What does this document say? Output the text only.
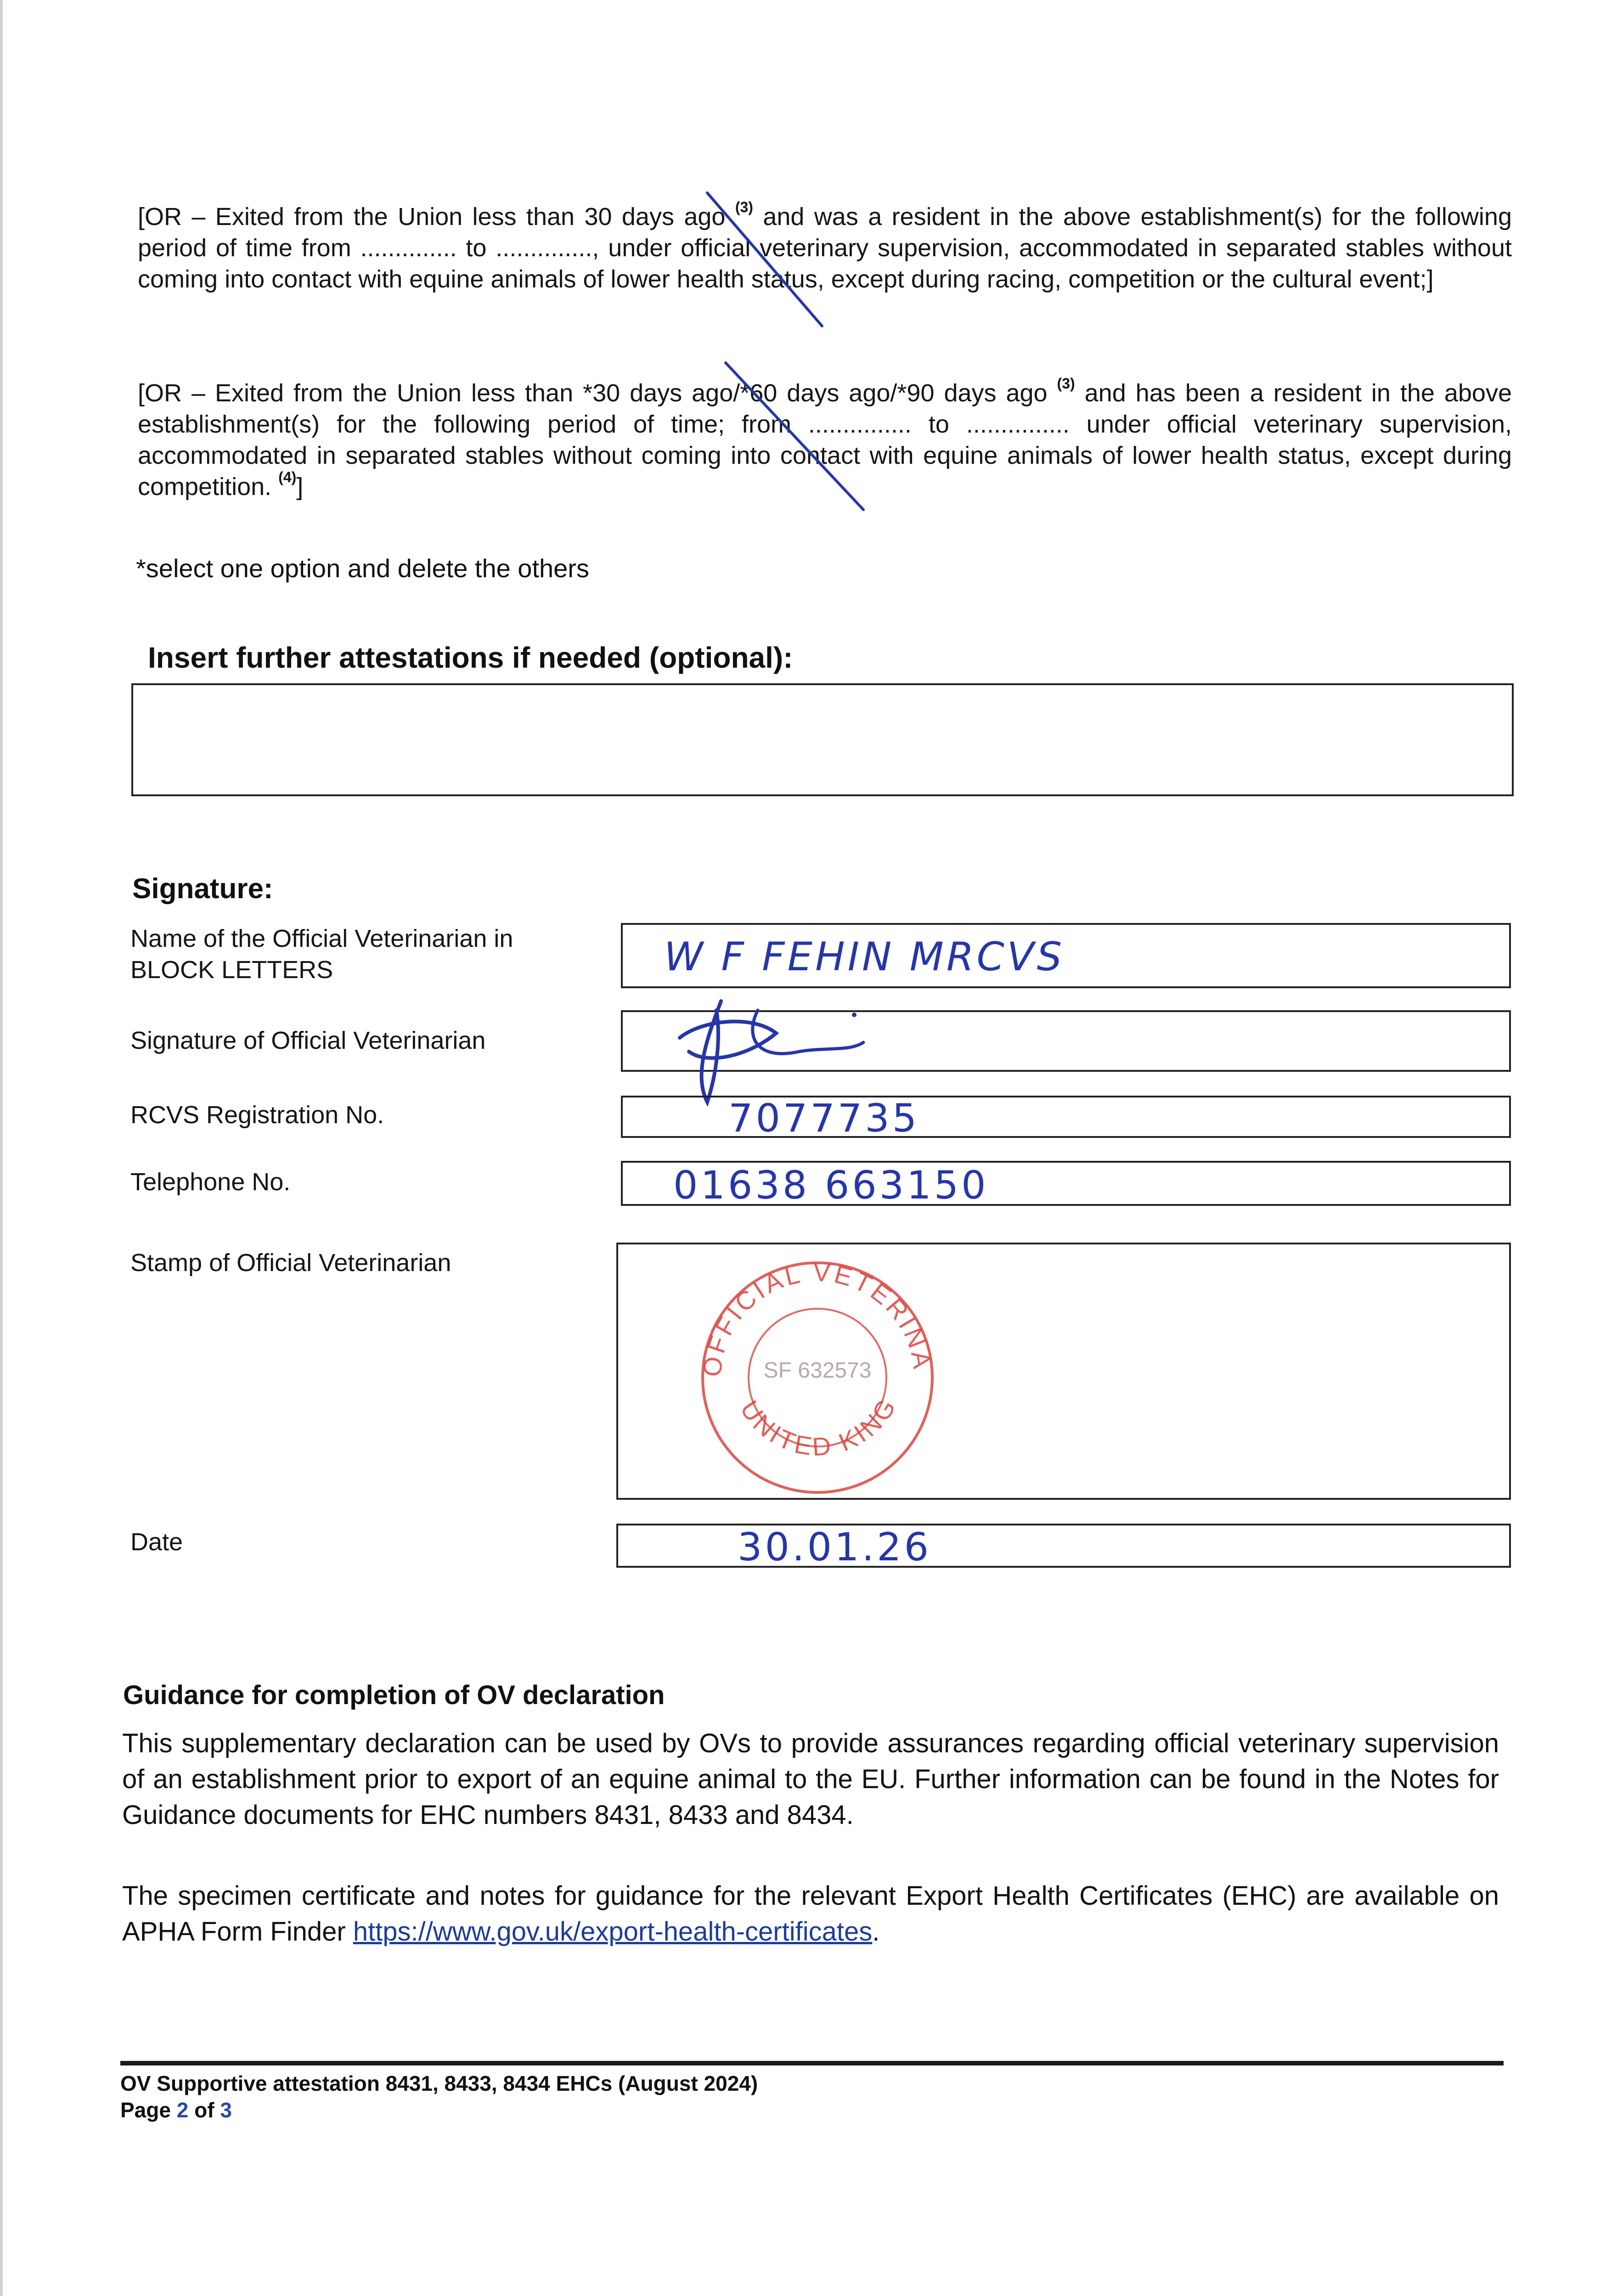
[OR – Exited from the Union less than 30 days ago $^{(3)}$ and was a resident in the above establishment(s) for the following period of time from .............. to .............., under official veterinary supervision, accommodated in separated stables without coming into contact with equine animals of lower health status, except during racing, competition or the cultural event;]
[OR – Exited from the Union less than *30 days ago/*60 days ago/*90 days ago $^{(3)}$ and has been a resident in the above establishment(s) for the following period of time; from ............... to ............... under official veterinary supervision, accommodated in separated stables without coming into contact with equine animals of lower health status, except during competition. $^{(4)}$]
*select one option and delete the others
Insert further attestations if needed (optional):
Signature:
Name of the Official Veterinarian in BLOCK LETTERS	W F FEHIN MRCVS
Signature of Official Veterinarian
RCVS Registration No.	7077735
Telephone No.	01638 663150
Stamp of Official Veterinarian
OFFICIAL VETERINA
UNITED KING
SF 632573
Date	30.01.26
Guidance for completion of OV declaration
This supplementary declaration can be used by OVs to provide assurances regarding official veterinary supervision of an establishment prior to export of an equine animal to the EU. Further information can be found in the Notes for Guidance documents for EHC numbers 8431, 8433 and 8434.
The specimen certificate and notes for guidance for the relevant Export Health Certificates (EHC) are available on APHA Form Finder https://www.gov.uk/export-health-certificates.
OV Supportive attestation 8431, 8433, 8434 EHCs (August 2024)
Page 2 of 3
